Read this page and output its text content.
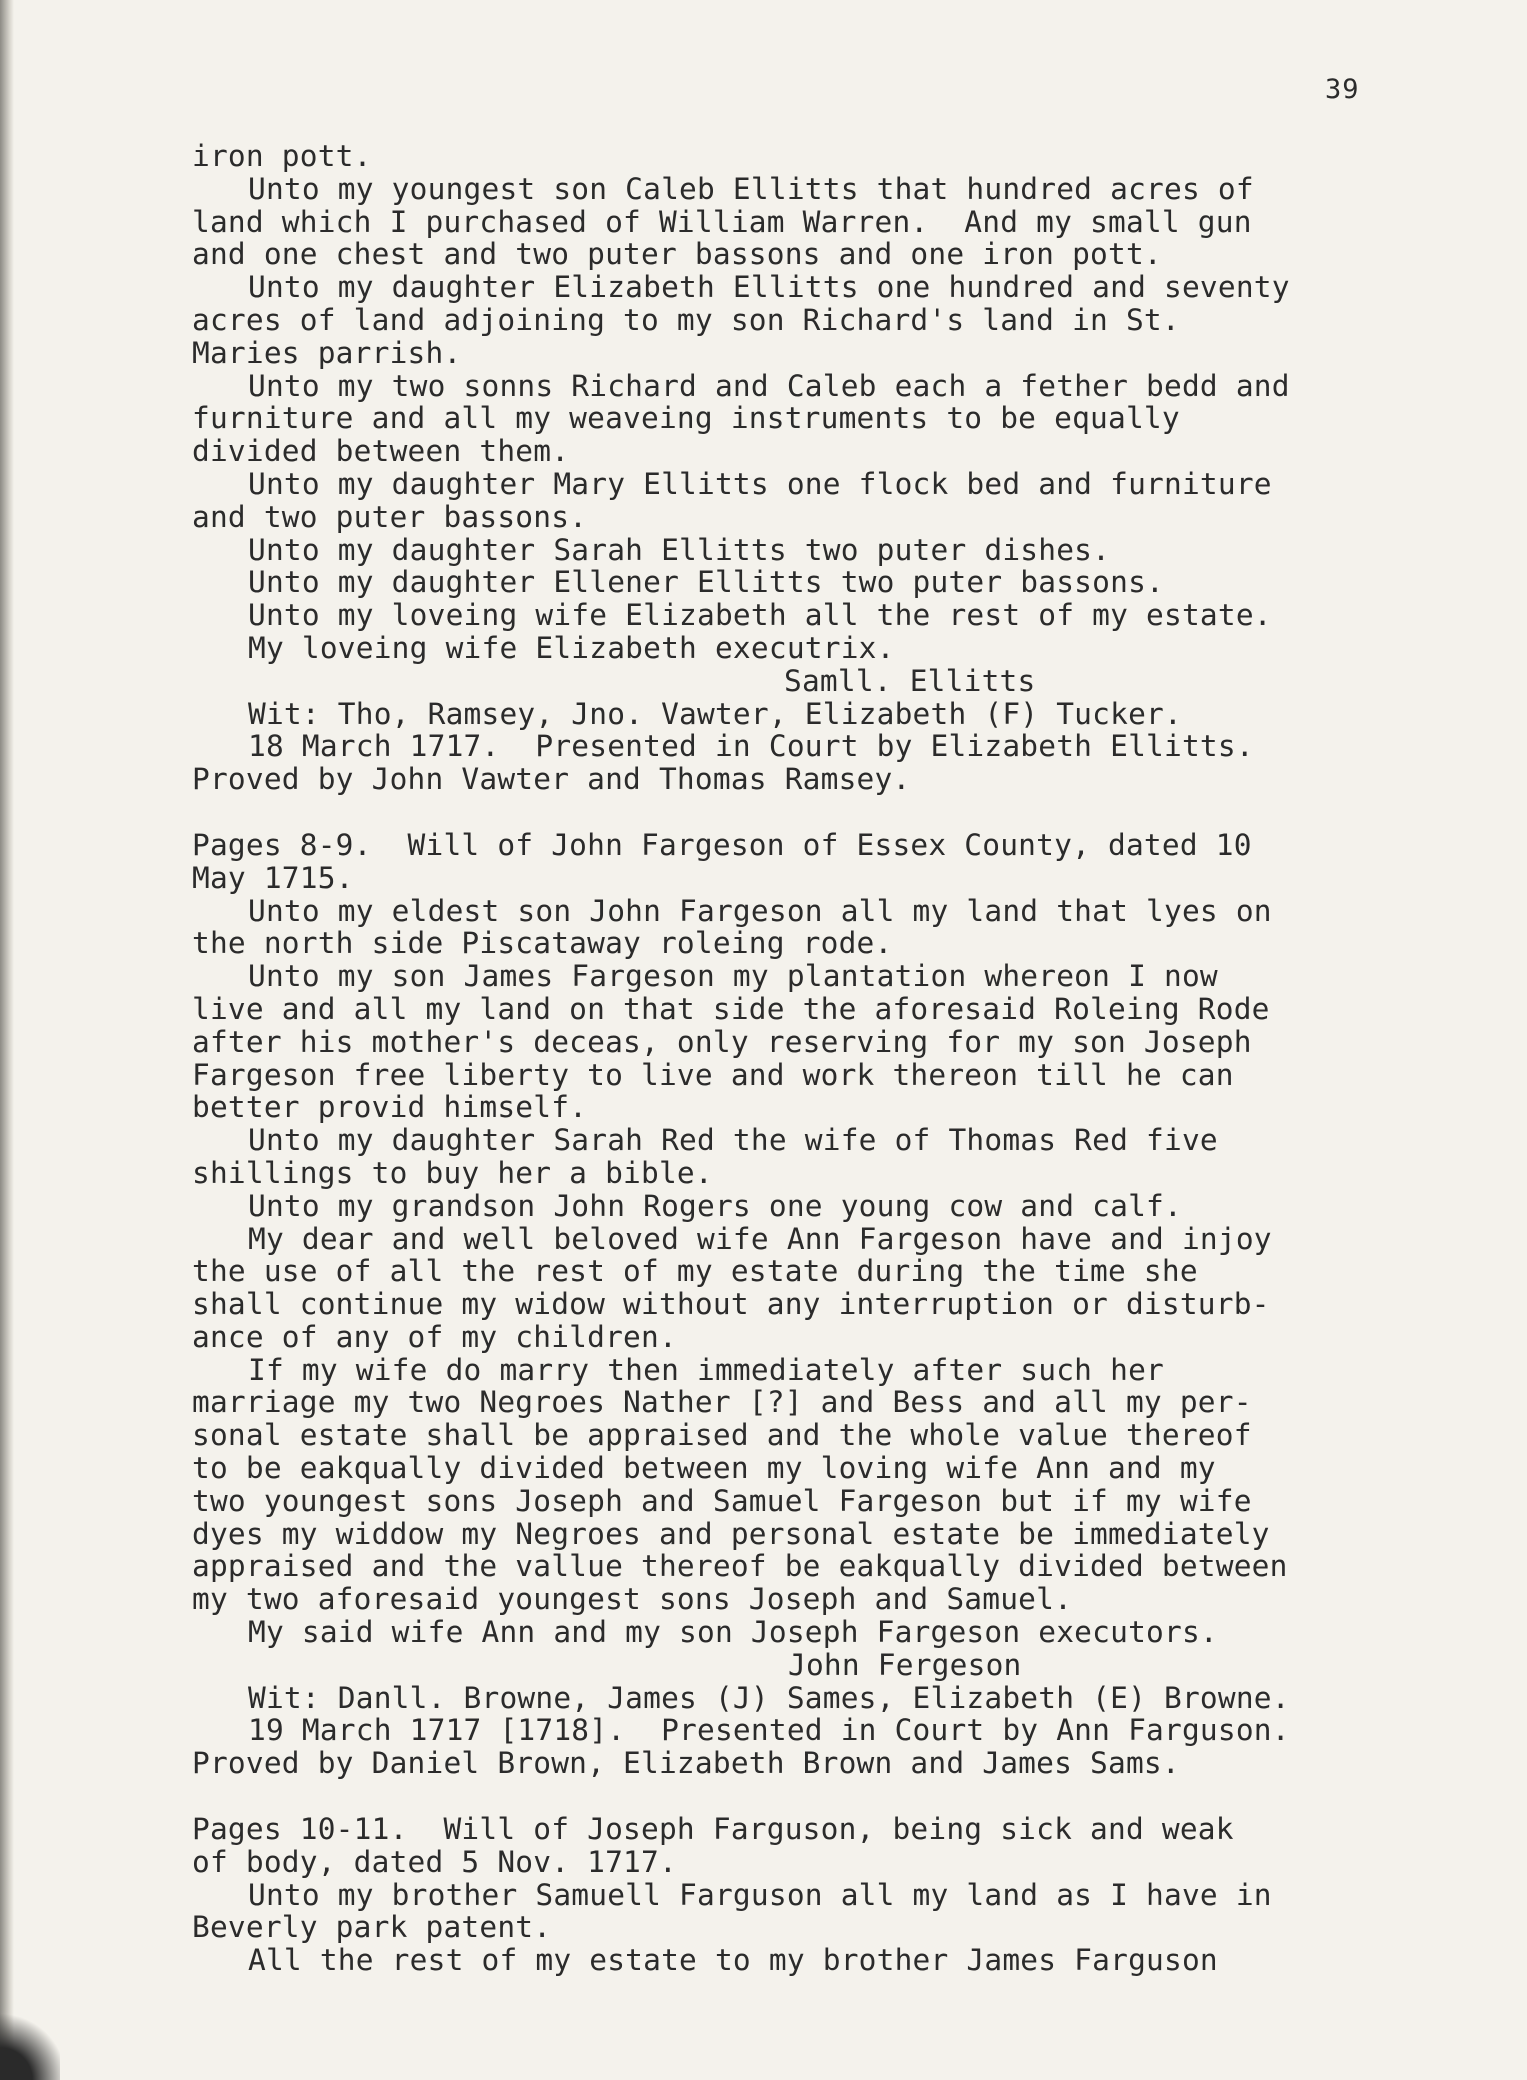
39
iron pott.
Unto my youngest son Caleb Ellitts that hundred acres of
land which I purchased of William Warren.  And my small gun
and one chest and two puter bassons and one iron pott.
Unto my daughter Elizabeth Ellitts one hundred and seventy
acres of land adjoining to my son Richard's land in St.
Maries parrish.
Unto my two sonns Richard and Caleb each a fether bedd and
furniture and all my weaveing instruments to be equally
divided between them.
Unto my daughter Mary Ellitts one flock bed and furniture
and two puter bassons.
Unto my daughter Sarah Ellitts two puter dishes.
Unto my daughter Ellener Ellitts two puter bassons.
Unto my loveing wife Elizabeth all the rest of my estate.
My loveing wife Elizabeth executrix.
Samll. Ellitts
Wit: Tho, Ramsey, Jno. Vawter, Elizabeth (F) Tucker.
18 March 1717.  Presented in Court by Elizabeth Ellitts.
Proved by John Vawter and Thomas Ramsey.
Pages 8-9.  Will of John Fargeson of Essex County, dated 10
May 1715.
Unto my eldest son John Fargeson all my land that lyes on
the north side Piscataway roleing rode.
Unto my son James Fargeson my plantation whereon I now
live and all my land on that side the aforesaid Roleing Rode
after his mother's deceas, only reserving for my son Joseph
Fargeson free liberty to live and work thereon till he can
better provid himself.
Unto my daughter Sarah Red the wife of Thomas Red five
shillings to buy her a bible.
Unto my grandson John Rogers one young cow and calf.
My dear and well beloved wife Ann Fargeson have and injoy
the use of all the rest of my estate during the time she
shall continue my widow without any interruption or disturb-
ance of any of my children.
If my wife do marry then immediately after such her
marriage my two Negroes Nather [?] and Bess and all my per-
sonal estate shall be appraised and the whole value thereof
to be eakqually divided between my loving wife Ann and my
two youngest sons Joseph and Samuel Fargeson but if my wife
dyes my widdow my Negroes and personal estate be immediately
appraised and the vallue thereof be eakqually divided between
my two aforesaid youngest sons Joseph and Samuel.
My said wife Ann and my son Joseph Fargeson executors.
John Fergeson
Wit: Danll. Browne, James (J) Sames, Elizabeth (E) Browne.
19 March 1717 [1718].  Presented in Court by Ann Farguson.
Proved by Daniel Brown, Elizabeth Brown and James Sams.
Pages 10-11.  Will of Joseph Farguson, being sick and weak
of body, dated 5 Nov. 1717.
Unto my brother Samuell Farguson all my land as I have in
Beverly park patent.
All the rest of my estate to my brother James Farguson
